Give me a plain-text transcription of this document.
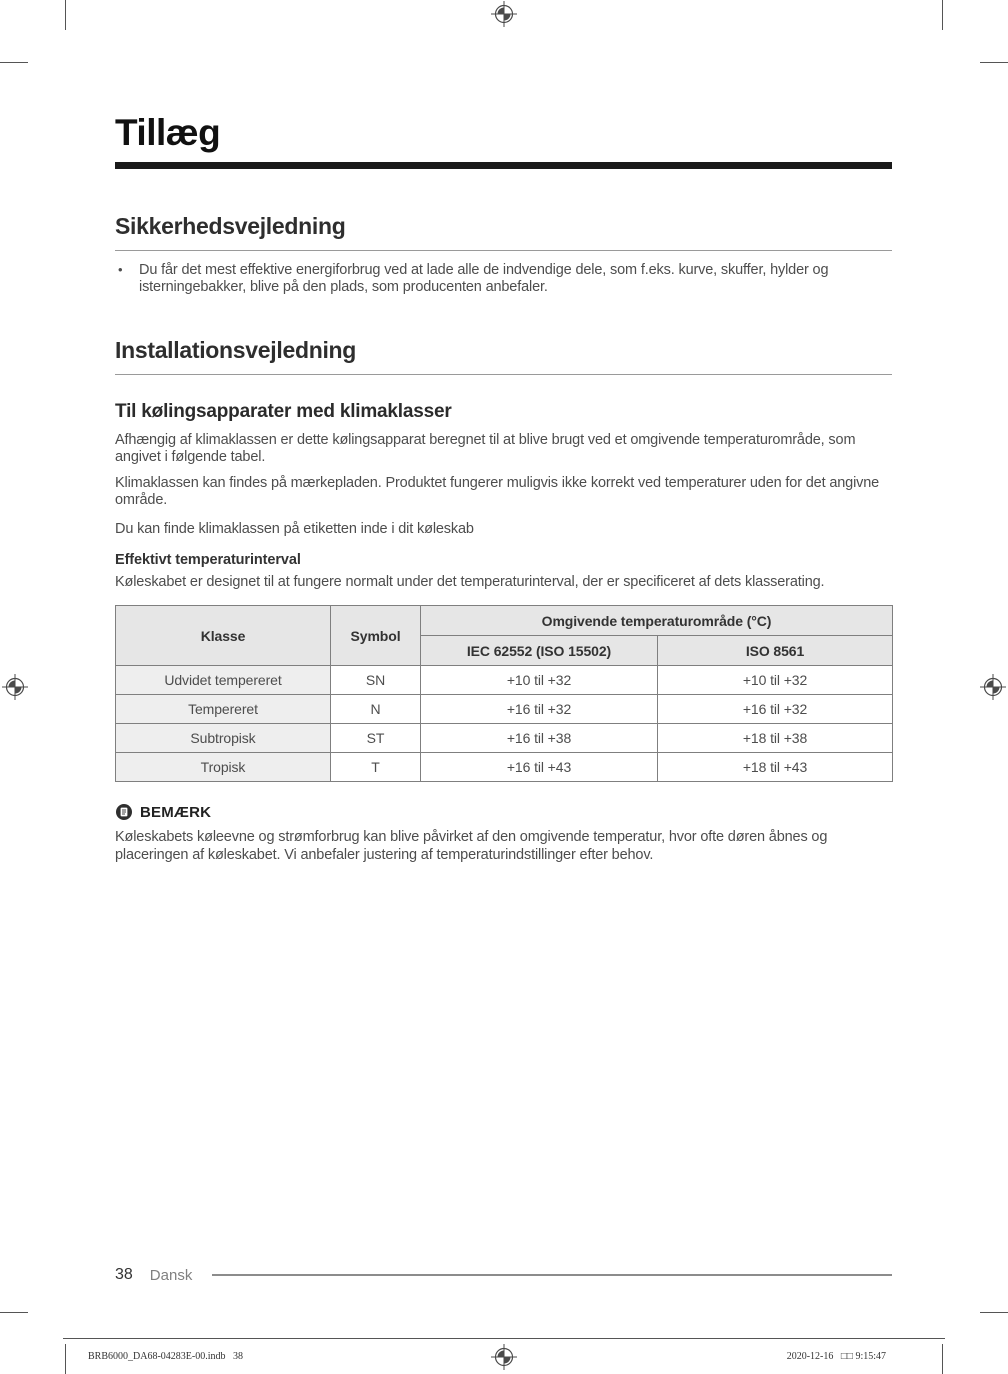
Tillæg
Sikkerhedsvejledning
•	Du får det mest effektive energiforbrug ved at lade alle de indvendige dele, som f.eks. kurve, skuffer, hylder og isterningebakker, blive på den plads, som producenten anbefaler.
Installationsvejledning
Til kølingsapparater med klimaklasser

Afhængig af klimaklassen er dette kølingsapparat beregnet til at blive brugt ved et omgivende temperaturområde, som angivet i følgende tabel.

Klimaklassen kan findes på mærkepladen. Produktet fungerer muligvis ikke korrekt ved temperaturer uden for det angivne område.

Du kan finde klimaklassen på etiketten inde i dit køleskab

Effektivt temperaturinterval

Køleskabet er designet til at fungere normalt under det temperaturinterval, der er specificeret af dets klasserating.

Klasse	Symbol	Omgivende temperaturområde (°C)	
		IEC 62552 (ISO 15502)	ISO 8561
Udvidet tempereret	SN	+10 til +32	+10 til +32
Tempereret	N	+16 til +32	+16 til +32
Subtropisk	ST	+16 til +38	+18 til +38
Tropisk	T	+16 til +43	+18 til +43
BEMÆRK

Køleskabets køleevne og strømforbrug kan blive påvirket af den omgivende temperatur, hvor ofte døren åbnes og placeringen af køleskabet. Vi anbefaler justering af temperaturindstillinger efter behov.

38 Dansk
BRB6000_DA68-04283E-00.indb   38	2020-12-16   □□ 9:15:47
